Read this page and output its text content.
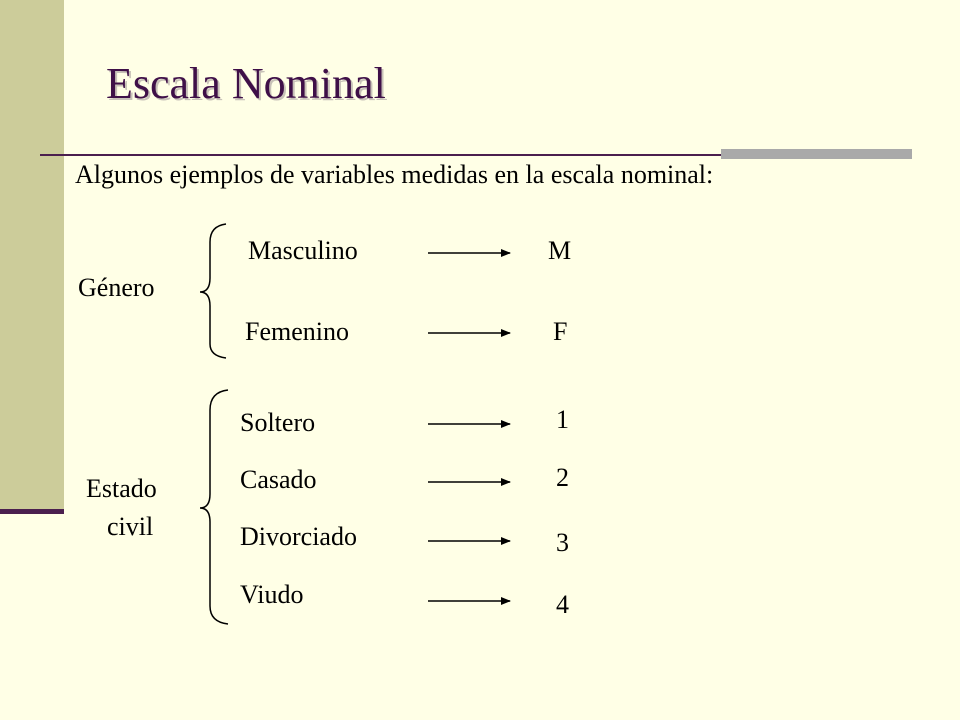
Escala Nominal
Algunos ejemplos de variables medidas en la escala nominal:
Género
Masculino
Femenino
M
F
Estado
civil
Soltero
Casado
Divorciado
Viudo
1
2
3
4
